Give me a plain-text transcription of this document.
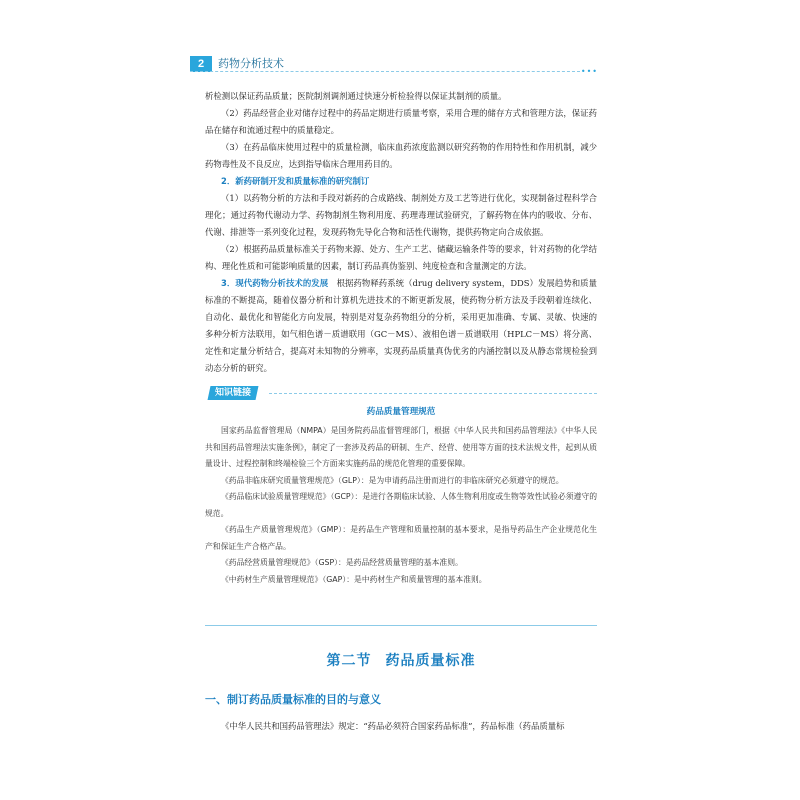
2	药物分析技术
•••
析检测以保证药品质量；医院制剂调剂通过快速分析检验得以保证其制剂的质量。
（2）药品经营企业对储存过程中的药品定期进行质量考察，采用合理的储存方式和管理方法，保证药品在储存和流通过程中的质量稳定。
（3）在药品临床使用过程中的质量检测，临床血药浓度监测以研究药物的作用特性和作用机制，减少药物毒性及不良反应，达到指导临床合理用药目的。
2．新药研制开发和质量标准的研究制订
（1）以药物分析的方法和手段对新药的合成路线、制剂处方及工艺等进行优化，实现制备过程科学合理化；通过药物代谢动力学、药物制剂生物利用度、药理毒理试验研究，了解药物在体内的吸收、分布、代谢、排泄等一系列变化过程，发现药物先导化合物和活性代谢物，提供药物定向合成依据。
（2）根据药品质量标准关于药物来源、处方、生产工艺、储藏运输条件等的要求，针对药物的化学结构、理化性质和可能影响质量的因素，制订药品真伪鉴别、纯度检查和含量测定的方法。
3．现代药物分析技术的发展　 根据药物释药系统（drug delivery system，DDS）发展趋势和质量标准的不断提高，随着仪器分析和计算机先进技术的不断更新发展，使药物分析方法及手段朝着连续化、自动化、最优化和智能化方向发展，特别是对复杂药物组分的分析，采用更加准确、专属、灵敏、快速的多种分析方法联用，如气相色谱－质谱联用（GC－MS）、液相色谱－质谱联用（HPLC－MS）将分离、定性和定量分析结合，提高对未知物的分辨率，实现药品质量真伪优劣的内涵控制以及从静态常规检验到动态分析的研究。
知识链接
药品质量管理规范
国家药品监督管理局（NMPA）是国务院药品监督管理部门，根据《中华人民共和国药品管理法》《中华人民共和国药品管理法实施条例》，制定了一套涉及药品的研制、生产、经营、使用等方面的技术法规文件，起到从质量设计、过程控制和终端检验三个方面来实施药品的规范化管理的重要保障。
《药品非临床研究质量管理规范》（GLP）：是为申请药品注册而进行的非临床研究必须遵守的规范。
《药品临床试验质量管理规范》（GCP）：是进行各期临床试验、人体生物利用度或生物等效性试验必须遵守的规范。
《药品生产质量管理规范》（GMP）：是药品生产管理和质量控制的基本要求，是指导药品生产企业规范化生产和保证生产合格产品。
《药品经营质量管理规范》（GSP）：是药品经营质量管理的基本准则。
《中药材生产质量管理规范》（GAP）：是中药材生产和质量管理的基本准则。
第二节 药品质量标准
一、制订药品质量标准的目的与意义
《中华人民共和国药品管理法》规定：“药品必须符合国家药品标准”，药品标准（药品质量标
